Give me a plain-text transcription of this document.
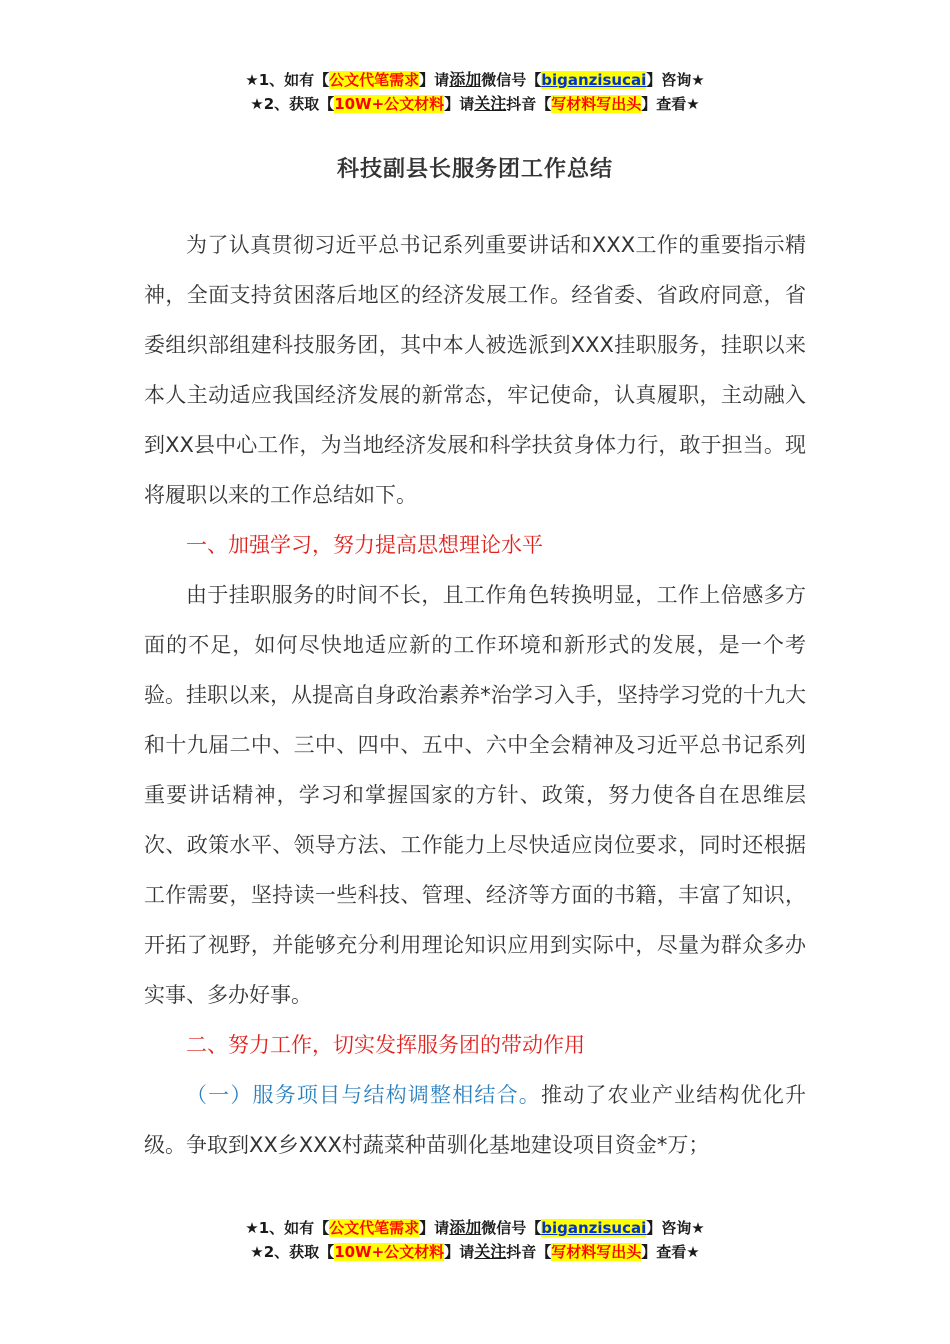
★1、如有【公文代笔需求】请添加微信号【biganzisucai】咨询★
★2、获取【10W+公文材料】请关注抖音【写材料写出头】查看★
科技副县长服务团工作总结

为了认真贯彻习近平总书记系列重要讲话和XXX工作的重要指示精神，全面支持贫困落后地区的经济发展工作。经省委、省政府同意，省委组织部组建科技服务团，其中本人被选派到XXX挂职服务，挂职以来本人主动适应我国经济发展的新常态，牢记使命，认真履职，主动融入到XX县中心工作，为当地经济发展和科学扶贫身体力行，敢于担当。现将履职以来的工作总结如下。

一、加强学习，努力提高思想理论水平

由于挂职服务的时间不长，且工作角色转换明显，工作上倍感多方面的不足，如何尽快地适应新的工作环境和新形式的发展，是一个考验。挂职以来，从提高自身政治素养*治学习入手，坚持学习党的十九大和十九届二中、三中、四中、五中、六中全会精神及习近平总书记系列重要讲话精神，学习和掌握国家的方针、政策，努力使各自在思维层次、政策水平、领导方法、工作能力上尽快适应岗位要求，同时还根据工作需要，坚持读一些科技、管理、经济等方面的书籍，丰富了知识，开拓了视野，并能够充分利用理论知识应用到实际中，尽量为群众多办实事、多办好事。

二、努力工作，切实发挥服务团的带动作用

（一）服务项目与结构调整相结合。推动了农业产业结构优化升级。争取到XX乡XXX村蔬菜种苗驯化基地建设项目资金*万；

★1、如有【公文代笔需求】请添加微信号【biganzisucai】咨询★
★2、获取【10W+公文材料】请关注抖音【写材料写出头】查看★
